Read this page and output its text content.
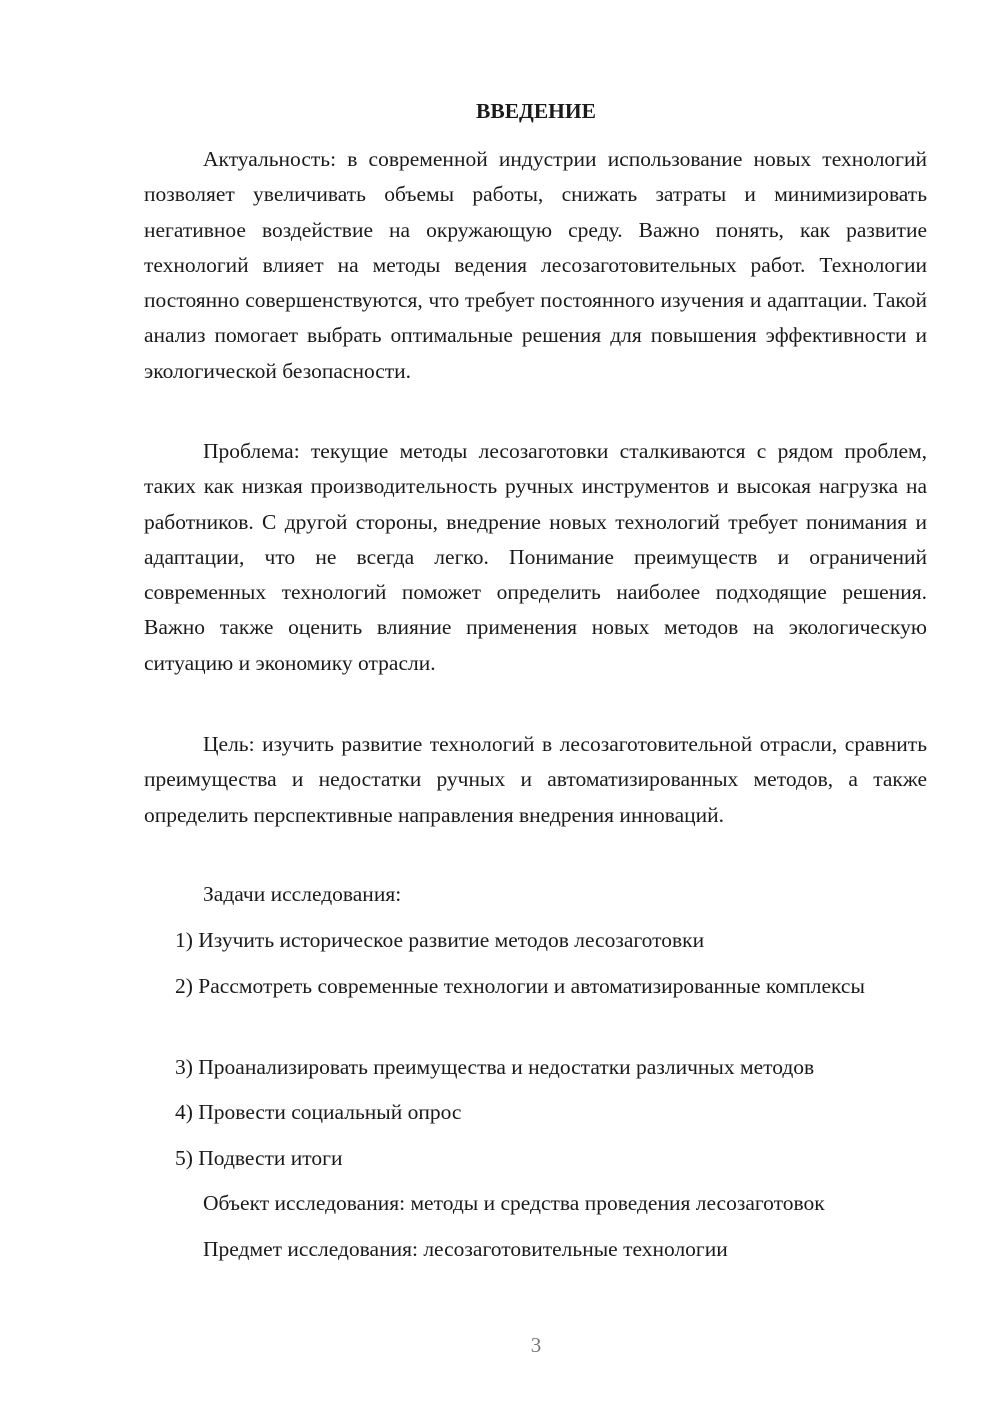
ВВЕДЕНИЕ

Актуальность: в современной индустрии использование новых технологий позволяет увеличивать объемы работы, снижать затраты и минимизировать негативное воздействие на окружающую среду. Важно понять, как развитие технологий влияет на методы ведения лесозаготовительных работ. Технологии постоянно совершенствуются, что требует постоянного изучения и адаптации. Такой анализ помогает выбрать оптимальные решения для повышения эффективности и экологической безопасности.

Проблема: текущие методы лесозаготовки сталкиваются с рядом проблем, таких как низкая производительность ручных инструментов и высокая нагрузка на работников. С другой стороны, внедрение новых технологий требует понимания и адаптации, что не всегда легко. Понимание преимуществ и ограничений современных технологий поможет определить наиболее подходящие решения. Важно также оценить влияние применения новых методов на экологическую ситуацию и экономику отрасли.

Цель: изучить развитие технологий в лесозаготовительной отрасли, сравнить преимущества и недостатки ручных и автоматизированных методов, а также определить перспективные направления внедрения инноваций.

Задачи исследования:

1) Изучить историческое развитие методов лесозаготовки

2) Рассмотреть современные технологии и автоматизированные комплексы

3) Проанализировать преимущества и недостатки различных методов

4) Провести социальный опрос

5) Подвести итоги

Объект исследования: методы и средства проведения лесозаготовок

Предмет исследования: лесозаготовительные технологии

3
